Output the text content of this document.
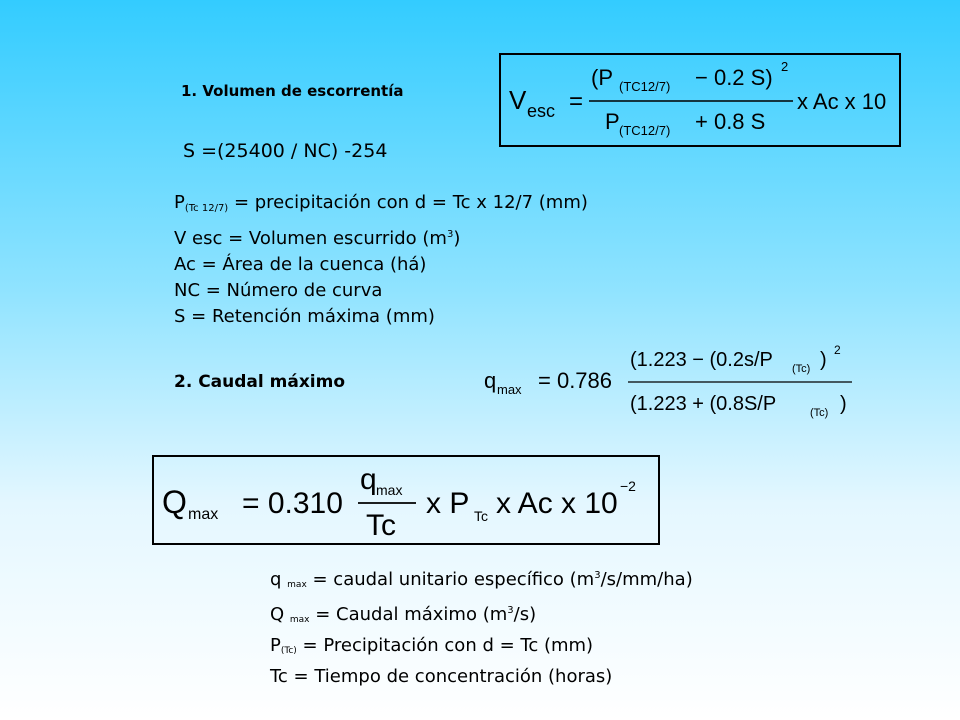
1. Volumen de escorrentía	V esc =
(P (TC12/7) − 0.2 S) 2
P (TC12/7) + 0.8 S
x Ac x 10
S =(25400 / NC) -254
$P_{(Tc 12/7)}$ = precipitación con d = Tc x 12/7 (mm)
V esc = Volumen escurrido $(m^3)$
Ac = Área de la cuenca (há)
NC = Número de curva
S = Retención máxima (mm)
2. Caudal máximo	q max = 0.786
(1.223 − (0.2s/P (Tc) ) 2
(1.223 + (0.8S/P	(Tc) )
Q max = 0.310
q max
Tc
x P Tc x Ac x 10
−2
q $_{max}$ = caudal unitario específico $(m^3/s/mm/ha)$
Q $_{max}$ = Caudal máximo $(m^3/s)$
$P_{(Tc)}$ = Precipitación con d = Tc (mm)
Tc = Tiempo de concentración (horas)
